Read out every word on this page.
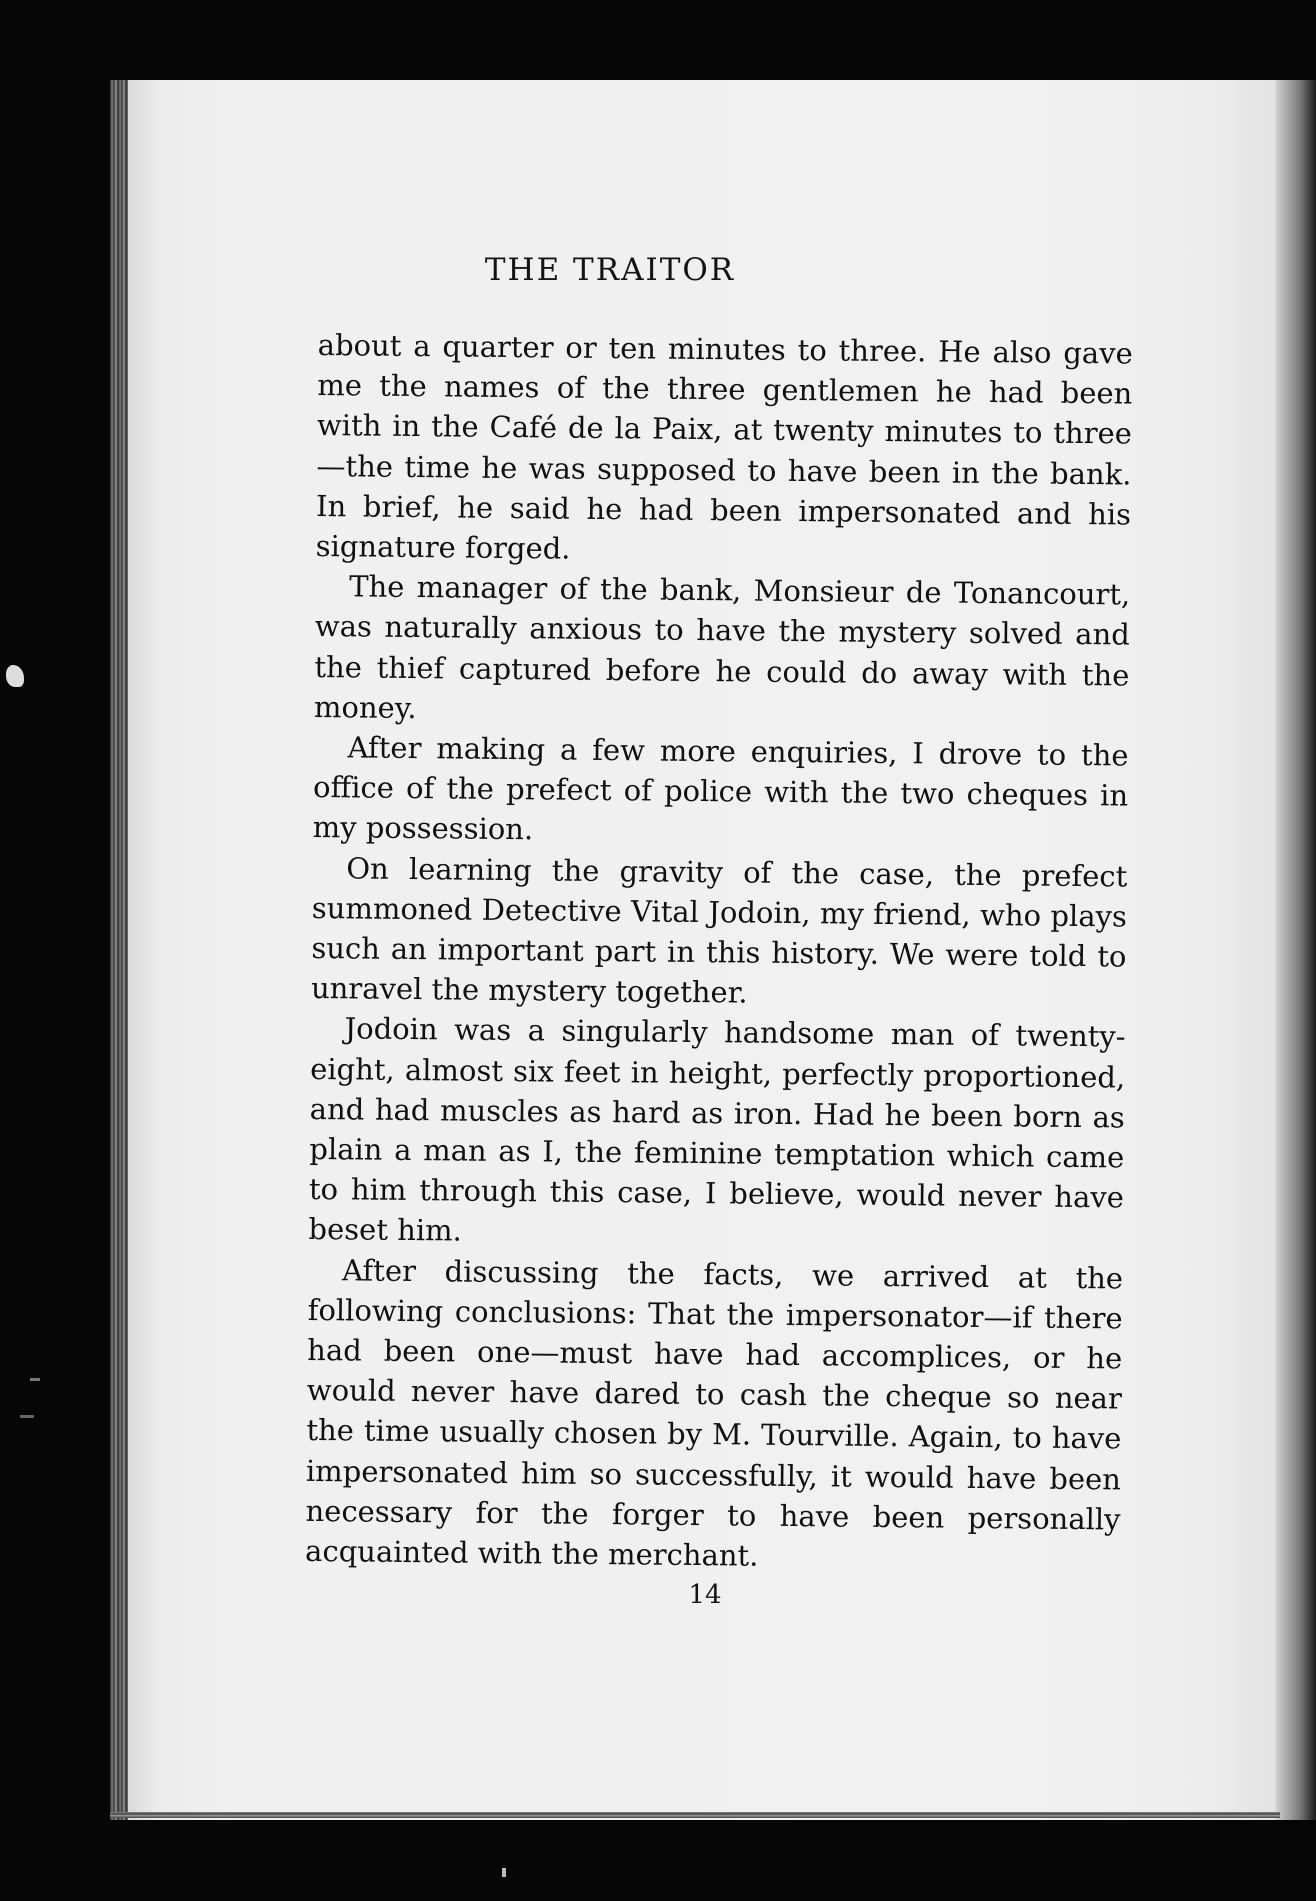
THE TRAITOR

about a quarter or ten minutes to three. He also gave me the names of the three gentlemen he had been with in the Café de la Paix, at twenty minutes to three—the time he was supposed to have been in the bank. In brief, he said he had been impersonated and his signature forged.

The manager of the bank, Monsieur de Tonancourt, was naturally anxious to have the mystery solved and the thief captured before he could do away with the money.

After making a few more enquiries, I drove to the office of the prefect of police with the two cheques in my possession.

On learning the gravity of the case, the prefect summoned Detective Vital Jodoin, my friend, who plays such an important part in this history. We were told to unravel the mystery together.

Jodoin was a singularly handsome man of twenty-eight, almost six feet in height, perfectly proportioned, and had muscles as hard as iron. Had he been born as plain a man as I, the feminine temptation which came to him through this case, I believe, would never have beset him.

After discussing the facts, we arrived at the following conclusions: That the impersonator—if there had been one—must have had accomplices, or he would never have dared to cash the cheque so near the time usually chosen by M. Tourville. Again, to have impersonated him so successfully, it would have been necessary for the forger to have been personally acquainted with the merchant.

14
